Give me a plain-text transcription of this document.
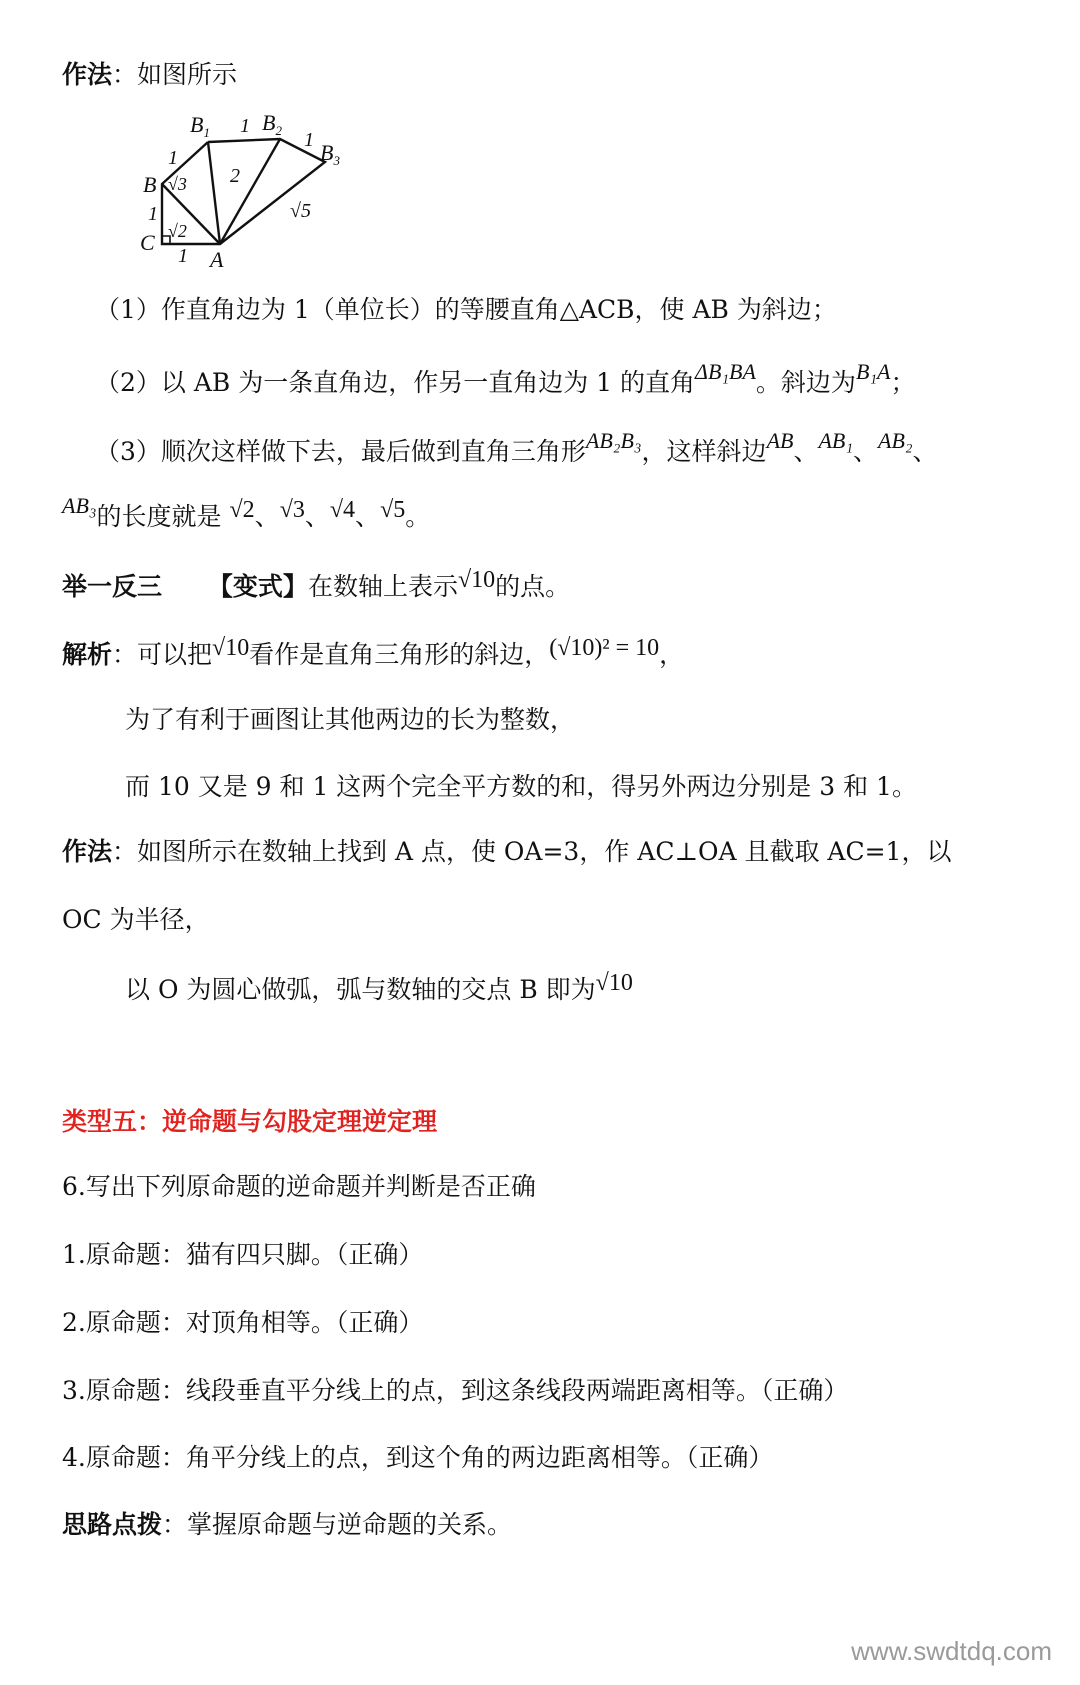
作法：如图所示
$B_1$ $B_2$
$B_3$
B
C
A
1
1
1
1
1
√3
√2
2
√5
（1）作直角边为 1（单位长）的等腰直角△ACB，使 AB 为斜边；
（2）以 AB 为一条直角边，作另一直角边为 1 的直角ΔB₁BA。斜边为B₁A；
（3）顺次这样做下去，最后做到直角三角形AB₂B₃，这样斜边AB、AB₁、AB₂、
AB₃的长度就是 √2、√3、√4、√5。
举一反三 【变式】在数轴上表示√10的点。
解析：可以把√10看作是直角三角形的斜边，(√10)² = 10，
为了有利于画图让其他两边的长为整数，
而 10 又是 9 和 1 这两个完全平方数的和，得另外两边分别是 3 和 1。
作法：如图所示在数轴上找到 A 点，使 OA=3，作 AC⊥OA 且截取 AC=1，以
OC 为半径，
以 O 为圆心做弧，弧与数轴的交点 B 即为√10
类型五：逆命题与勾股定理逆定理
6.写出下列原命题的逆命题并判断是否正确
1.原命题：猫有四只脚。（正确）
2.原命题：对顶角相等。（正确）
3.原命题：线段垂直平分线上的点，到这条线段两端距离相等。（正确）
4.原命题：角平分线上的点，到这个角的两边距离相等。（正确）
思路点拨：掌握原命题与逆命题的关系。
www.swdtdq.com
